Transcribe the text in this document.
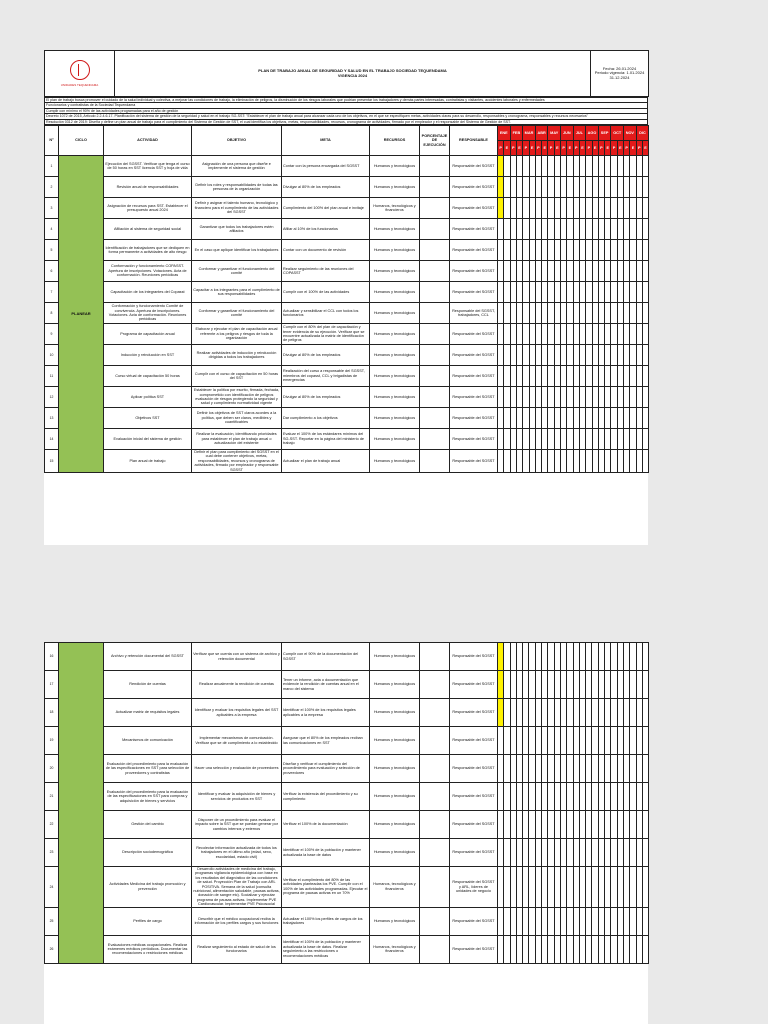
UNIDADES TEQUENDAMA

PLAN DE TRABAJO ANUAL DE SEGURIDAD Y SALUD EN EL TRABAJO SOCIEDAD TEQUENDAMA
VIGENCIA 2024

Fecha: 26.01.2024
Periodo vigencia: 1.01.2024 31.12.2024
El plan de trabajo busca promover el cuidado de la salud individual y colectiva, a mejorar las condiciones de trabajo, la eliminación de peligros, la disminución de los riesgos laborales que podrían presentar los trabajadores y demás partes interesadas, contratistas y visitantes, accidentes laborales y enfermedades
Funcionarios y contratistas de la Sociedad Tequendama
Cumplir con mínimo el 90% de las actividades programadas para el año de gestión
Decreto 1072 de 2015, Artículo 2.2.4.6.17. Planificación del sistema de gestión de la seguridad y salud en el trabajo SG-SST: "Establecer el plan de trabajo anual para alcanzar cada uno de los objetivos, en el que se especifiquen metas, actividades claras para su desarrollo, responsables y cronograma, responsables y recursos necesarios"
Resolución 0312 de 2019: Diseña y define un plan anual de trabajo para el cumplimiento del Sistema de Gestión de SST, el cual identifica los objetivos, metas, responsabilidades, recursos, cronograma de actividades, firmado por el empleador y el responsable del Sistema de Gestión de SST.
N°	CICLO	ACTIVIDAD	OBJETIVO	META	RECURSOS	PORCENTAJE DE EJECUCIÓN	RESPONSABLE	ENE		FEB		MAR		ABR		MAY		JUN		JUL		AGO		SEP		OCT		NOV		DIC	
								P	E	P	E	P	E	P	E	P	E	P	E	P	E	P	E	P	E	P	E	P	E	P	E
1	PLANEAR	Ejecución del SGSST. Verificar que tenga el curso de 50 horas en SST licencia SST y hoja de vida	Asignación de una persona que diseñe e implemente el sistema de gestión	Contar con la persona encargada del SGSST	Humanos y tecnológicos		Responsable del SGSST																								
2		Revisión anual de responsabilidades	Definir los roles y responsabilidades de todas las personas de la organización	Divulgar al 80% de los empleados	Humanos y tecnológicos		Responsable del SGSST																								
3		Asignación de recursos para SST. Establecer el presupuesto anual 2024	Definir y asignar el talento humano, tecnológico y financiero para el cumplimiento de las actividades del SGSST	Cumplimiento del 100% del plan anual e invitaje	Humanos, tecnológicos y financieros		Responsable del SGSST																								
4		Afiliación al sistema de seguridad social	Garantizar que todos los trabajadores estén afiliados	Afiliar al 10% de los funcionarios	Humanos y tecnológicos		Responsable del SGSST																								
5		Identificación de trabajadores que se dediquen en forma permanente a actividades de alto riesgo	En el caso que aplique identificar los trabajadores	Contar con un documento de revisión	Humanos y tecnológicos		Responsable del SGSST																								
6		Conformación y funcionamiento COPASST. Apertura de inscripciones. Votaciones. Acta de conformación. Reuniones periódicas	Conformar y garantizar el funcionamiento del comité	Realizar seguimiento de las reuniones del COPASST	Humanos y tecnológicos		Responsable del SGSST																								
7		Capacitación de los integrantes del Copasst	Capacitar a los integrantes para el cumplimiento de sus responsabilidades	Cumplir con el 100% de las actividades	Humanos y tecnológicos		Responsable del SGSST																								
8		Conformación y funcionamiento Comité de convivencia. Apertura de inscripciones. Votaciones. Acta de conformación. Reuniones periódicas	Conformar y garantizar el funcionamiento del comité	Actualizar y sensibilizar el CCL con todos los funcionarios	Humanos y tecnológicos		Responsable del SGSST, trabajadores, CCL																								
9		Programa de capacitación anual	Elaborar y ejecutar el plan de capacitación anual referente a los peligros y riesgos de toda la organización	Cumplir con el 80% del plan de capacitación y tener evidencia de su ejecución. Verificar que se encuentre actualizada la matriz de identificación de peligros	Humanos y tecnológicos		Responsable del SGSST																								
10		Inducción y reinducción en SST	Realizar actividades de inducción y reinducción dirigidas a todos los trabajadores	Divulgar al 80% de los empleados	Humanos y tecnológicos		Responsable del SGSST																								
11		Curso virtual de capacitación 50 horas	Cumplir con el curso de capacitación en 50 horas del SST	Realización del curso a responsable del SGSST, miembros del copasst, CCL y brigadistas de emergencias	Humanos y tecnológicos		Responsable del SGSST																								
12		Aplicar política SST	Establecer la política por escrito, firmada, fechada, comprometido con identificación de peligros evaluación de riesgos protegiendo la seguridad y salud y cumplimiento normatividad vigente	Divulgar al 80% de los empleados	Humanos y tecnológicos		Responsable del SGSST																								
13		Objetivos SST	Definir los objetivos de SST claros acordes a la política, que deben ser claros, medibles y cuantificables	Dar cumplimiento a los objetivos	Humanos y tecnológicos		Responsable del SGSST																								
14		Evaluación inicial del sistema de gestión	Realizar la evaluación, identificando prioridades para establecer el plan de trabajo anual o actualización del existente	Evaluar el 100% de los estándares mínimos del SG-SST. Reportar en la página del ministerio de trabajo	Humanos y tecnológicos		Responsable del SGSST																								
15		Plan anual de trabajo	Definir el plan para cumplimiento del SGSST en el cual debe contener objetivos, metas, responsabilidades, recursos y cronograma de actividades, firmado por empleador y responsable SGSST	Actualizar el plan de trabajo anual	Humanos y tecnológicos		Responsable del SGSST																								
16		Archivo y retención documental del SGSST	Verificar que se cuenta con un sistema de archivo y retención documental	Cumplir con el 90% de la documentación del SGSST	Humanos y tecnológicos		Responsable del SGSST																								
17		Rendición de cuentas	Realizar anualmente la rendición de cuentas	Tener un informe, acta o documentación que evidencie la rendición de cuentas anual en el marco del sistema	Humanos y tecnológicos		Responsable del SGSST																								
18		Actualizar matriz de requisitos legales	Identificar y evaluar los requisitos legales del SST aplicables a la empresa	Identificar el 100% de los requisitos legales aplicables a la empresa	Humanos y tecnológicos		Responsable del SGSST																								
19		Mecanismos de comunicación	Implementar mecanismos de comunicación. Verificar que se dé cumplimiento a lo establecido	Asegurar que el 80% de los empleados reciban las comunicaciones en SST	Humanos y tecnológicos		Responsable del SGSST																								
20		Evaluación del procedimiento para la evaluación de las especificaciones en SST para selección de proveedores y contratistas	Hacer una selección y evaluación de proveedores	Diseñar y verificar el cumplimiento del procedimiento para evaluación y selección de proveedores	Humanos y tecnológicos		Responsable del SGSST																								
21		Evaluación del procedimiento para la evaluación de las especificaciones en SST para compras y adquisición de bienes y servicios	Identificar y evaluar la adquisición de bienes y servicios de productos en SST	Verificar la existencia del procedimiento y su cumplimiento	Humanos y tecnológicos		Responsable del SGSST																								
22		Gestión del cambio	Disponer de un procedimiento para evaluar el impacto sobre la SST que se puedan generar por cambios internos y externos	Verificar el 100% de la documentación	Humanos y tecnológicos		Responsable del SGSST																								
23		Descripción sociodemográfica	Recolectar información actualizada de todos los trabajadores en el último año (edad, sexo, escolaridad, estado civil)	Identificar el 100% de la población y mantener actualizada la base de datos	Humanos y tecnológicos		Responsable del SGSST																								
24		Actividades Medicina del trabajo promoción y prevención	Desarrollo actividades de medicina del trabajo, programas vigilancia epidemiológica con base en los resultados del diagnóstico de las condiciones de salud. Proyección Plan de Trabajo con ARL POSITIVA. Semana de la salud (consulta nutricional, alimentación saludable, pausas activas, donación de sangre etc). Socializar y ejecutar programa de pausas activas. Implementar PVE Cardiovascular. Implementar PVE Psicosocial	Verificar el cumplimiento del 80% de las actividades planteadas los PVE. Cumplir con el 100% de las actividades programadas. Ejecutar el programa de pausas activas en un 70%	Humanos, tecnológicos y financieros		Responsable del SGSST y ARL, líderes de unidades de negocio																								
25		Perfiles de cargo	Describir que el médico ocupacional reciba la información de los perfiles cargos y sus funciones	Actualizar el 100% los perfiles de cargos de los trabajadores	Humanos y tecnológicos		Responsable del SGSST																								
26		Evaluaciones médicas ocupacionales. Realizar exámenes médicos periódicos. Documentar las recomendaciones o restricciones médicas	Realizar seguimiento al estado de salud de los funcionarios	Identificar el 100% de la población y mantener actualizada la base de datos. Realizar seguimiento a las restricciones o recomendaciones médicas	Humanos, tecnológicos y financieros		Responsable del SGSST																								
